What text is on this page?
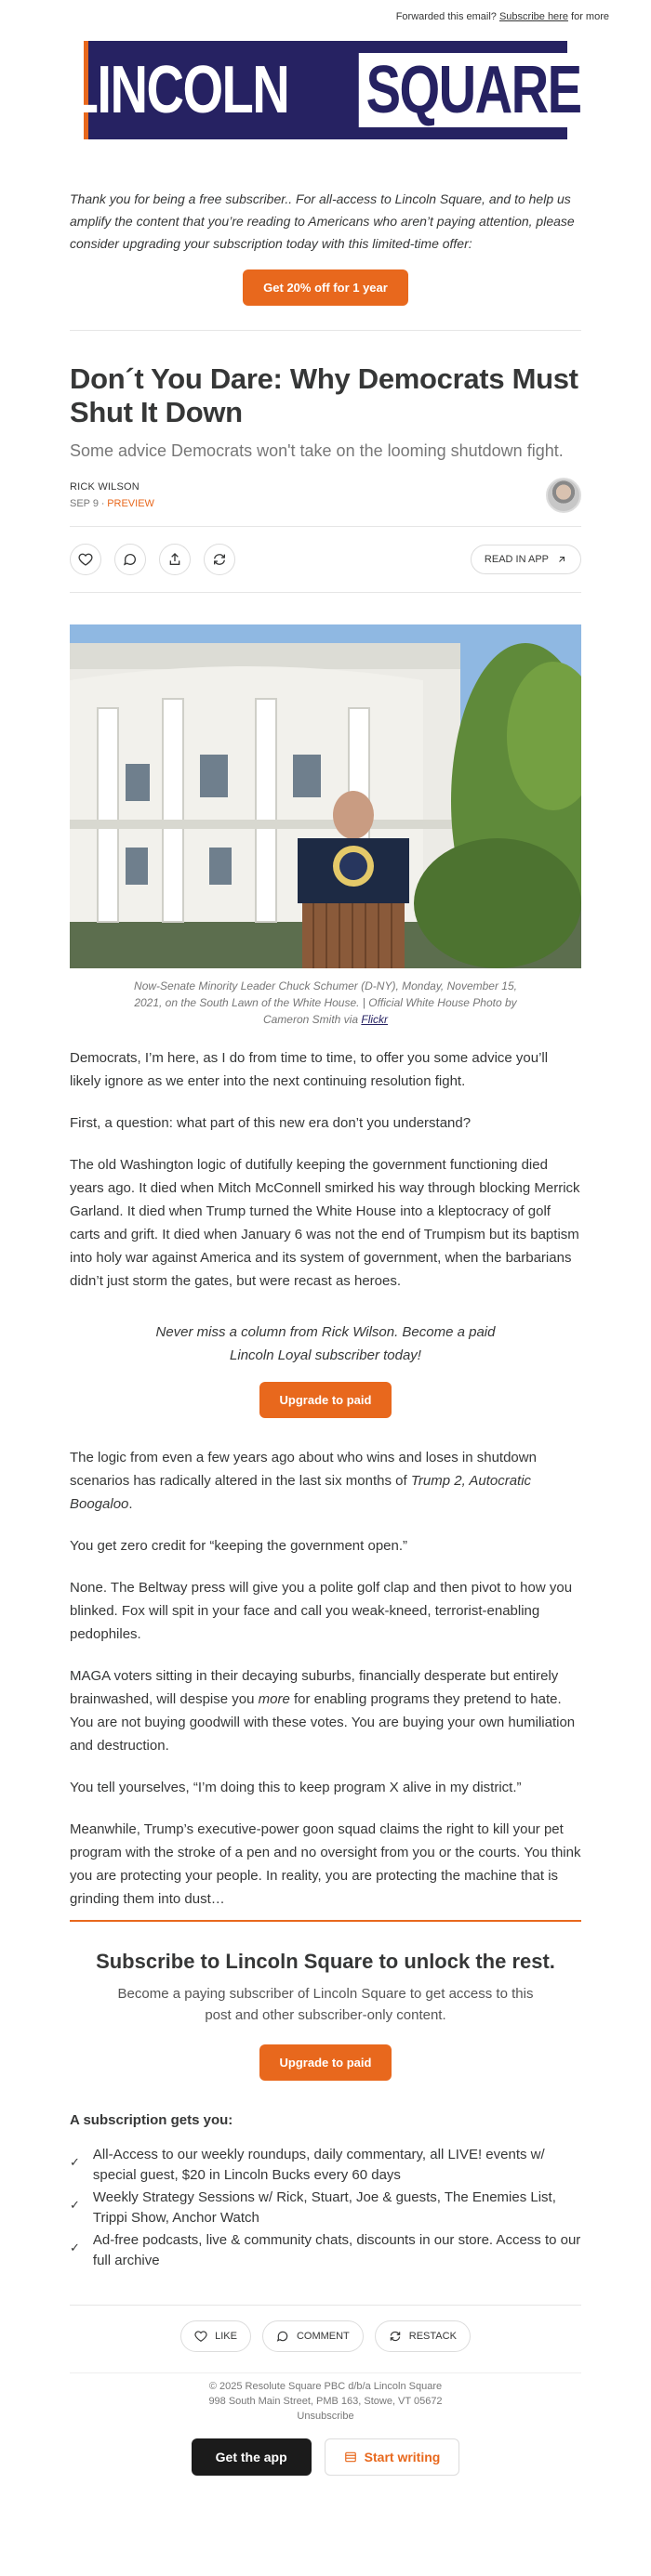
Forwarded this email? Subscribe here for more
LINCOLN SQUARE

Thank you for being a free subscriber.. For all-access to Lincoln Square, and to help us amplify the content that you’re reading to Americans who aren’t paying attention, please consider upgrading your subscription today with this limited-time offer:

Get 20% off for 1 year
Don´t You Dare: Why Democrats Must Shut It Down

Some advice Democrats won't take on the looming shutdown fight.

RICK WILSON
SEP 9 ∙ PREVIEW
READ IN APP

Now-Senate Minority Leader Chuck Schumer (D-NY), Monday, November 15, 2021, on the South Lawn of the White House. | Official White House Photo by Cameron Smith via Flickr

Democrats, I’m here, as I do from time to time, to offer you some advice you’ll likely ignore as we enter into the next continuing resolution fight.

First, a question: what part of this new era don’t you understand?

The old Washington logic of dutifully keeping the government functioning died years ago. It died when Mitch McConnell smirked his way through blocking Merrick Garland. It died when Trump turned the White House into a kleptocracy of golf carts and grift. It died when January 6 was not the end of Trumpism but its baptism into holy war against America and its system of government, when the barbarians didn’t just storm the gates, but were recast as heroes.

Never miss a column from Rick Wilson. Become a paid
Lincoln Loyal subscriber today!
Upgrade to paid

The logic from even a few years ago about who wins and loses in shutdown scenarios has radically altered in the last six months of Trump 2, Autocratic Boogaloo.

You get zero credit for “keeping the government open.”

None. The Beltway press will give you a polite golf clap and then pivot to how you blinked. Fox will spit in your face and call you weak-kneed, terrorist-enabling pedophiles.

MAGA voters sitting in their decaying suburbs, financially desperate but entirely brainwashed, will despise you more for enabling programs they pretend to hate. You are not buying goodwill with these votes. You are buying your own humiliation and destruction.

You tell yourselves, “I’m doing this to keep program X alive in my district.”

Meanwhile, Trump’s executive-power goon squad claims the right to kill your pet program with the stroke of a pen and no oversight from you or the courts. You think you are protecting your people. In reality, you are protecting the machine that is grinding them into dust…

Subscribe to Lincoln Square to unlock the rest.

Become a paying subscriber of Lincoln Square to get access to this post and other subscriber-only content.

Upgrade to paid

A subscription gets you:

✓ All-Access to our weekly roundups, daily commentary, all LIVE! events w/ special guest, $20 in Lincoln Bucks every 60 days
✓ Weekly Strategy Sessions w/ Rick, Stuart, Joe & guests, The Enemies List, Trippi Show, Anchor Watch
✓ Ad-free podcasts, live & community chats, discounts in our store. Access to our full archive
LIKE	COMMENT	RESTACK
© 2025 Resolute Square PBC d/b/a Lincoln Square
998 South Main Street, PMB 163, Stowe, VT 05672
Unsubscribe
Get the app	Start writing
